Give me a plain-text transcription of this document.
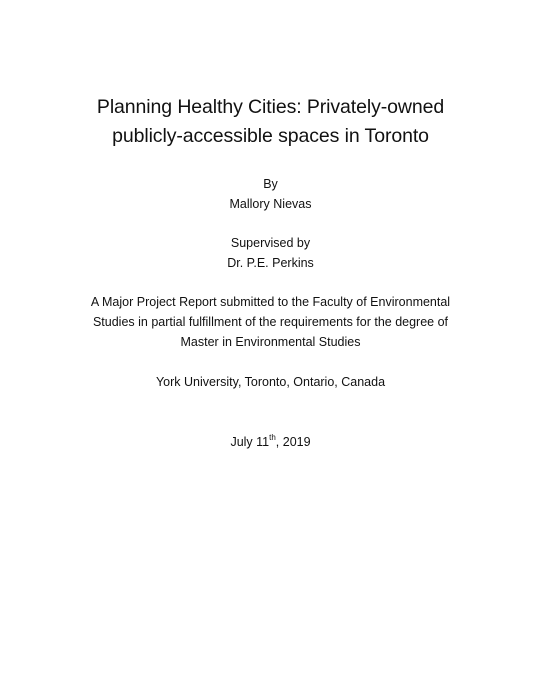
Planning Healthy Cities: Privately-owned
publicly-accessible spaces in Toronto
By
Mallory Nievas
Supervised by
Dr. P.E. Perkins
A Major Project Report submitted to the Faculty of Environmental
Studies in partial fulfillment of the requirements for the degree of
Master in Environmental Studies
York University, Toronto, Ontario, Canada
July 11th, 2019
